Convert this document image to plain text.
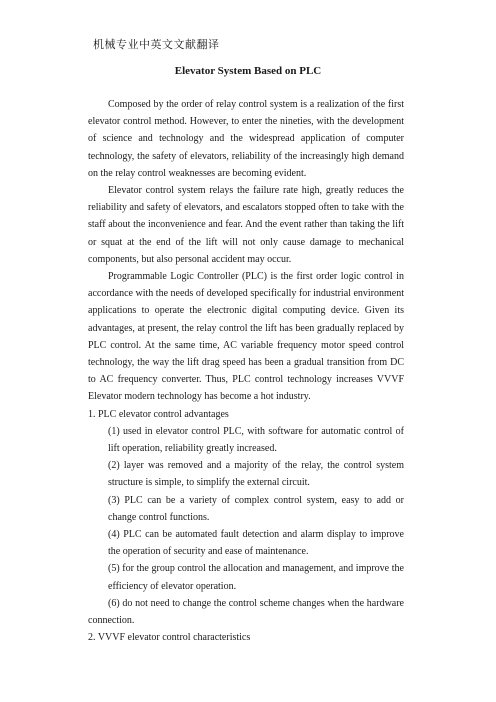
机械专业中英文文献翻译
Elevator System Based on PLC

Composed by the order of relay control system is a realization of the first elevator control method. However, to enter the nineties, with the development of science and technology and the widespread application of computer technology, the safety of elevators, reliability of the increasingly high demand on the relay control weaknesses are becoming evident.

Elevator control system relays the failure rate high, greatly reduces the reliability and safety of elevators, and escalators stopped often to take with the staff about the inconvenience and fear. And the event rather than taking the lift or squat at the end of the lift will not only cause damage to mechanical components, but also personal accident may occur.

Programmable Logic Controller (PLC) is the first order logic control in accordance with the needs of developed specifically for industrial environment applications to operate the electronic digital computing device. Given its advantages, at present, the relay control the lift has been gradually replaced by PLC control. At the same time, AC variable frequency motor speed control technology, the way the lift drag speed has been a gradual transition from DC to AC frequency converter. Thus, PLC control technology increases VVVF Elevator modern technology has become a hot industry.

1. PLC elevator control advantages

(1) used in elevator control PLC, with software for automatic control of lift operation, reliability greatly increased.

(2) layer was removed and a majority of the relay, the control system structure is simple, to simplify the external circuit.

(3) PLC can be a variety of complex control system, easy to add or change control functions.

(4) PLC can be automated fault detection and alarm display to improve the operation of security and ease of maintenance.

(5) for the group control the allocation and management, and improve the efficiency of elevator operation.

(6) do not need to change the control scheme changes when the hardware connection.

2. VVVF elevator control characteristics
